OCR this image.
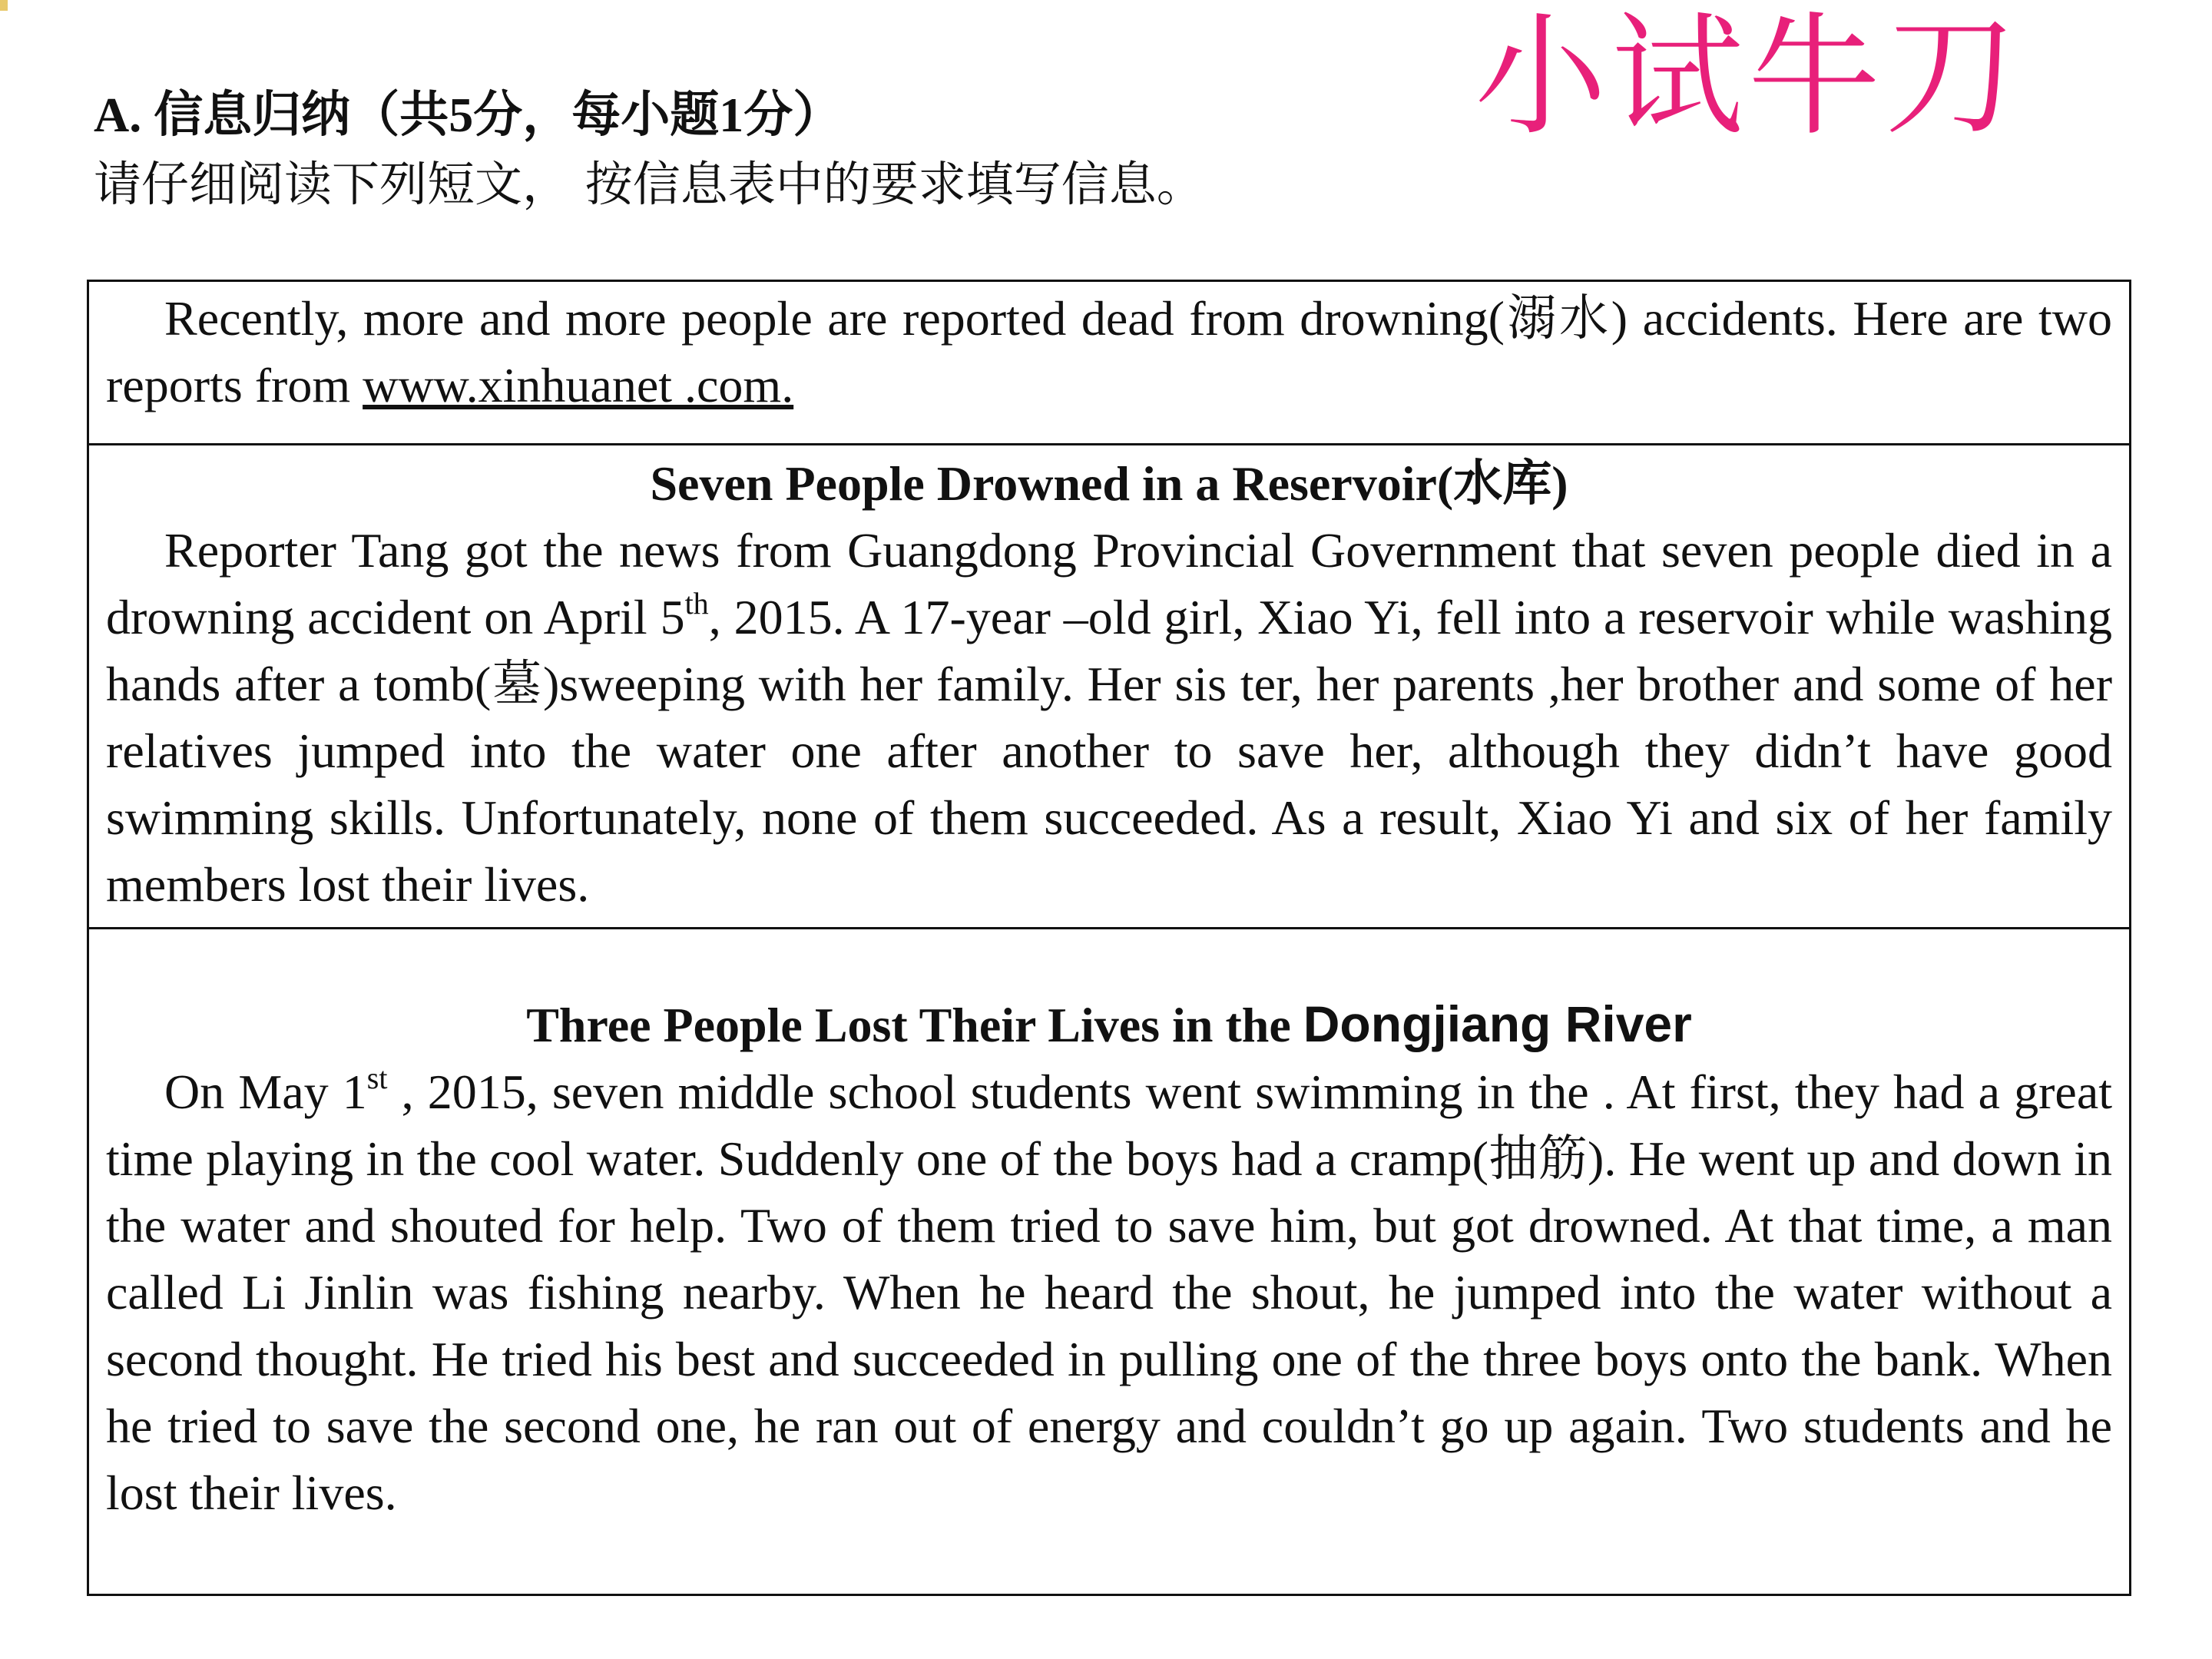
小试牛刀
A. 信息归纳（共5分，每小题1分）
请仔细阅读下列短文， 按信息表中的要求填写信息。

Recently, more and more people are reported dead from drowning(溺水) accidents. Here are two reports from www.xinhuanet .com.

Seven People Drowned in a Reservoir(水库)

Reporter Tang got the news from Guangdong Provincial Government that seven people died in a drowning accident on April 5th, 2015. A 17-year –old girl, Xiao Yi, fell into a reservoir while washing hands after a tomb(墓)sweeping with her family. Her sis ter, her parents ,her brother and some of her relatives jumped into the water one after another to save her, although they didn’t have good swimming skills. Unfortunately, none of them succeeded. As a result, Xiao Yi and six of her family members lost their lives.

Three People Lost Their Lives in the Dongjiang River

On May 1st , 2015, seven middle school students went swimming in the . At first, they had a great time playing in the cool water. Suddenly one of the boys had a cramp(抽筋). He went up and down in the water and shouted for help. Two of them tried to save him, but got drowned. At that time, a man called Li Jinlin was fishing nearby. When he heard the shout, he jumped into the water without a second thought. He tried his best and succeeded in pulling one of the three boys onto the bank. When he tried to save the second one, he ran out of energy and couldn’t go up again. Two students and he lost their lives.
